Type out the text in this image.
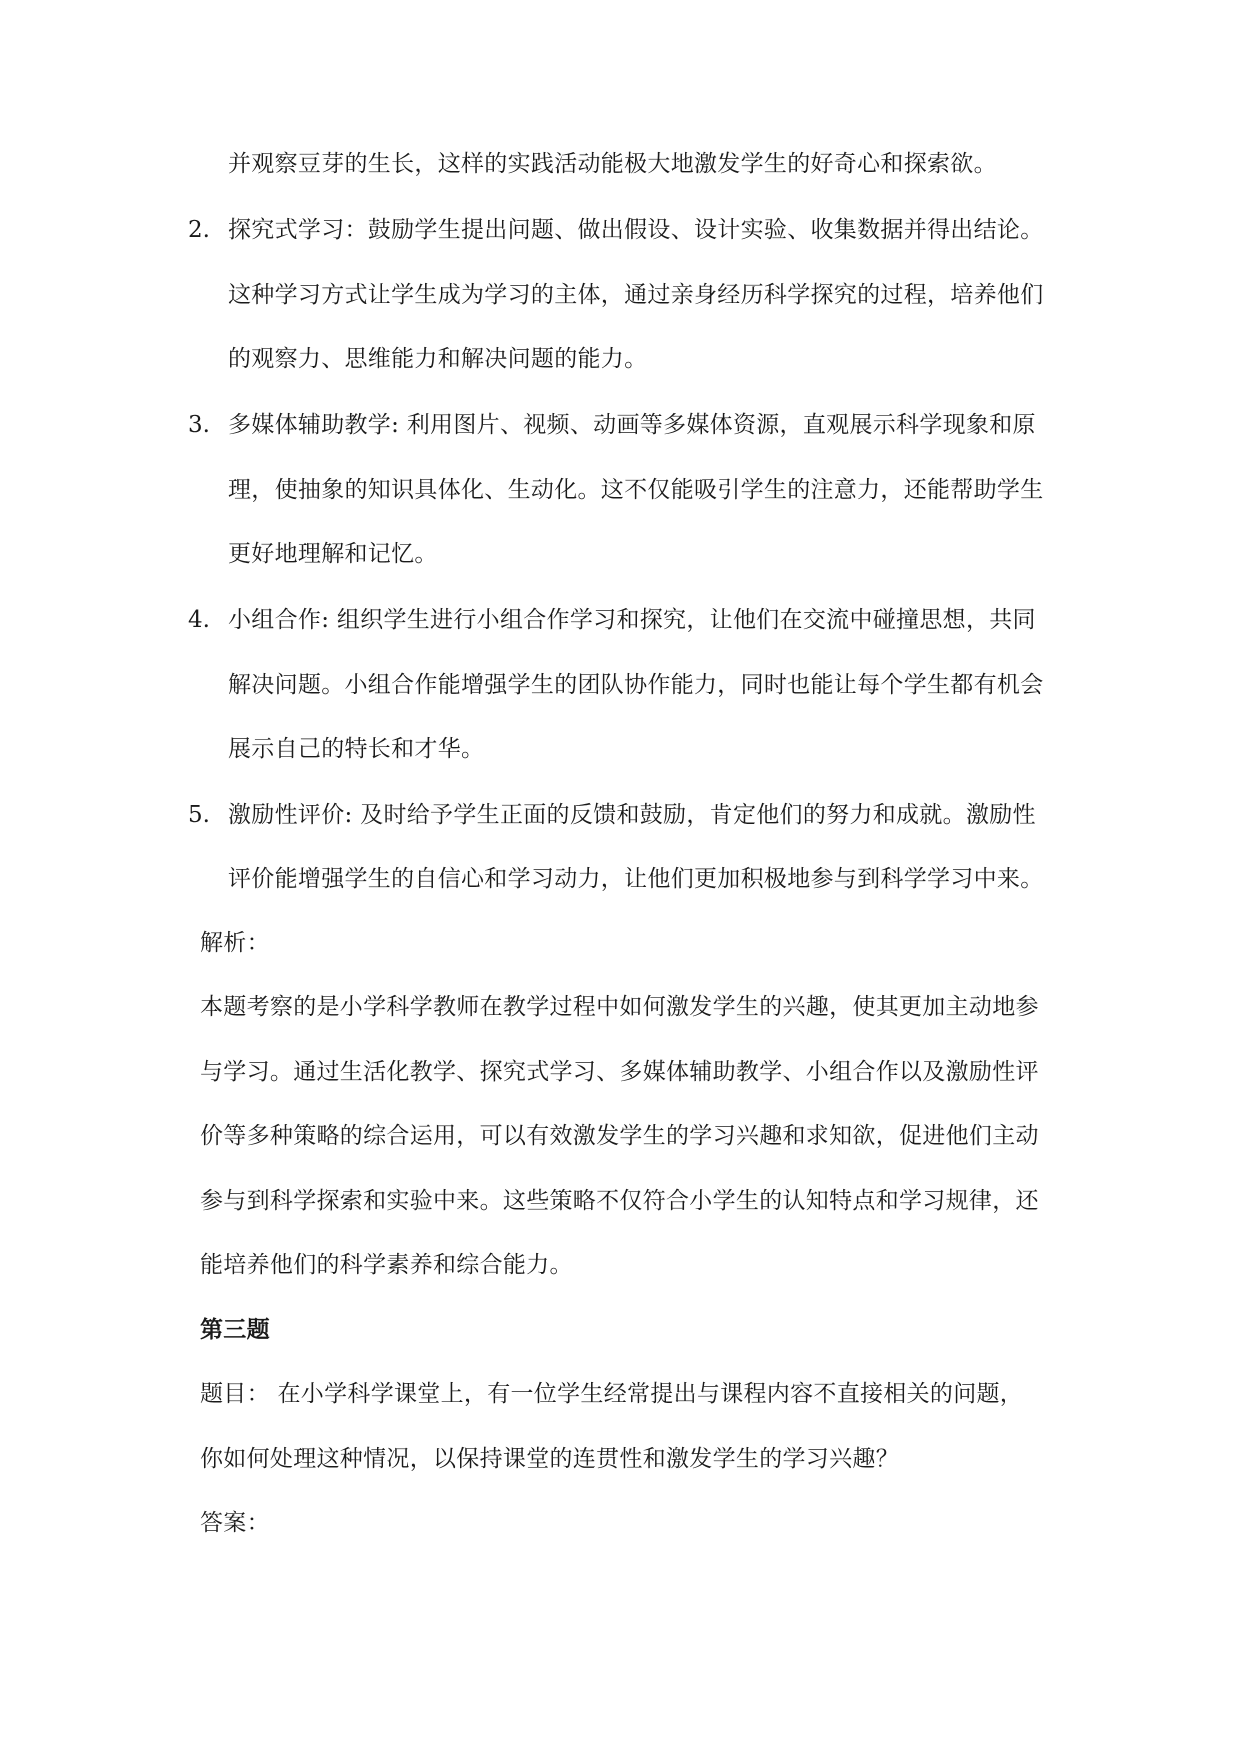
并观察豆芽的生长，这样的实践活动能极大地激发学生的好奇心和探索欲。
2. 探究式学习：鼓励学生提出问题、做出假设、设计实验、收集数据并得出结论。
这种学习方式让学生成为学习的主体，通过亲身经历科学探究的过程，培养他们
的观察力、思维能力和解决问题的能力。
3. 多媒体辅助教学: 利用图片、视频、动画等多媒体资源，直观展示科学现象和原
理，使抽象的知识具体化、生动化。这不仅能吸引学生的注意力，还能帮助学生
更好地理解和记忆。
4. 小组合作: 组织学生进行小组合作学习和探究，让他们在交流中碰撞思想，共同
解决问题。小组合作能增强学生的团队协作能力，同时也能让每个学生都有机会
展示自己的特长和才华。
5. 激励性评价: 及时给予学生正面的反馈和鼓励，肯定他们的努力和成就。激励性
评价能增强学生的自信心和学习动力，让他们更加积极地参与到科学学习中来。
解析：
本题考察的是小学科学教师在教学过程中如何激发学生的兴趣，使其更加主动地参
与学习。通过生活化教学、探究式学习、多媒体辅助教学、小组合作以及激励性评
价等多种策略的综合运用，可以有效激发学生的学习兴趣和求知欲，促进他们主动
参与到科学探索和实验中来。这些策略不仅符合小学生的认知特点和学习规律，还
能培养他们的科学素养和综合能力。
第三题
题目： 在小学科学课堂上，有一位学生经常提出与课程内容不直接相关的问题，
你如何处理这种情况，以保持课堂的连贯性和激发学生的学习兴趣？
答案：
